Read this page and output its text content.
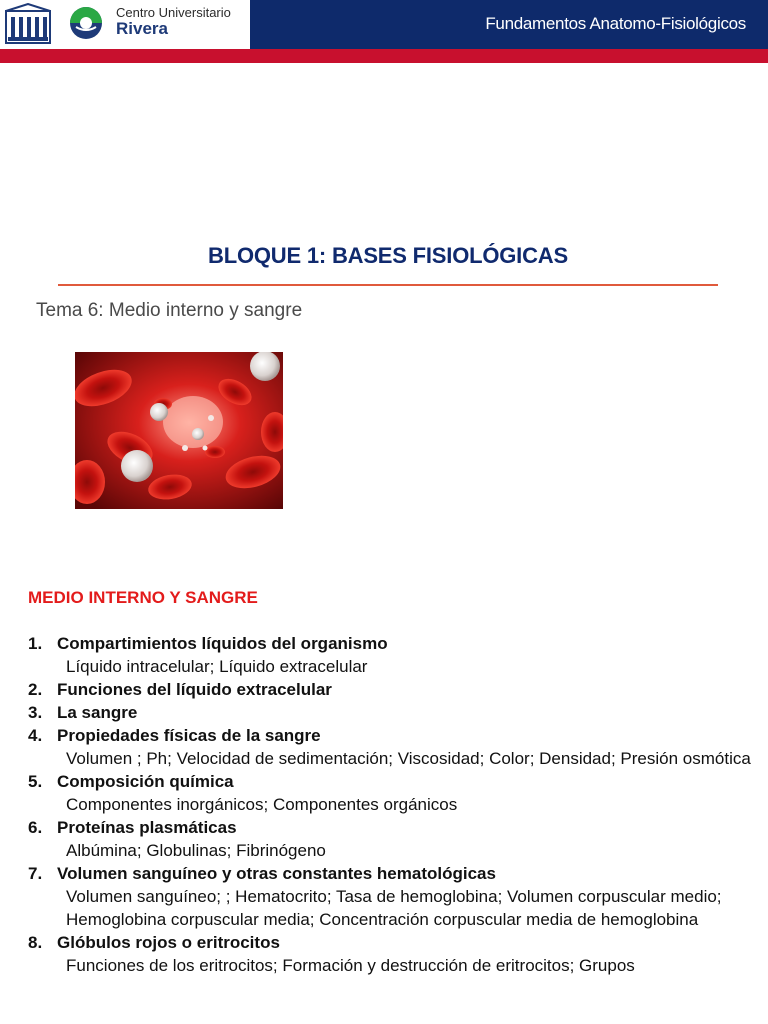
Centro Universitario
Rivera	Fundamentos Anatomo-Fisiológicos
BLOQUE 1: BASES FISIOLÓGICAS
Tema 6: Medio interno y sangre
MEDIO INTERNO Y SANGRE
1. Compartimientos líquidos del organismo
Líquido intracelular; Líquido extracelular
2. Funciones del líquido extracelular
3. La sangre
4. Propiedades físicas de la sangre
Volumen ; Ph; Velocidad de sedimentación; Viscosidad; Color; Densidad; Presión osmótica
5. Composición química
Componentes inorgánicos; Componentes orgánicos
6. Proteínas plasmáticas
Albúmina; Globulinas; Fibrinógeno
7. Volumen sanguíneo y otras constantes hematológicas
Volumen sanguíneo; ; Hematocrito; Tasa de hemoglobina; Volumen corpuscular medio; Hemoglobina corpuscular media; Concentración corpuscular media de hemoglobina
8. Glóbulos rojos o eritrocitos
Funciones de los eritrocitos; Formación y destrucción de eritrocitos; Grupos
